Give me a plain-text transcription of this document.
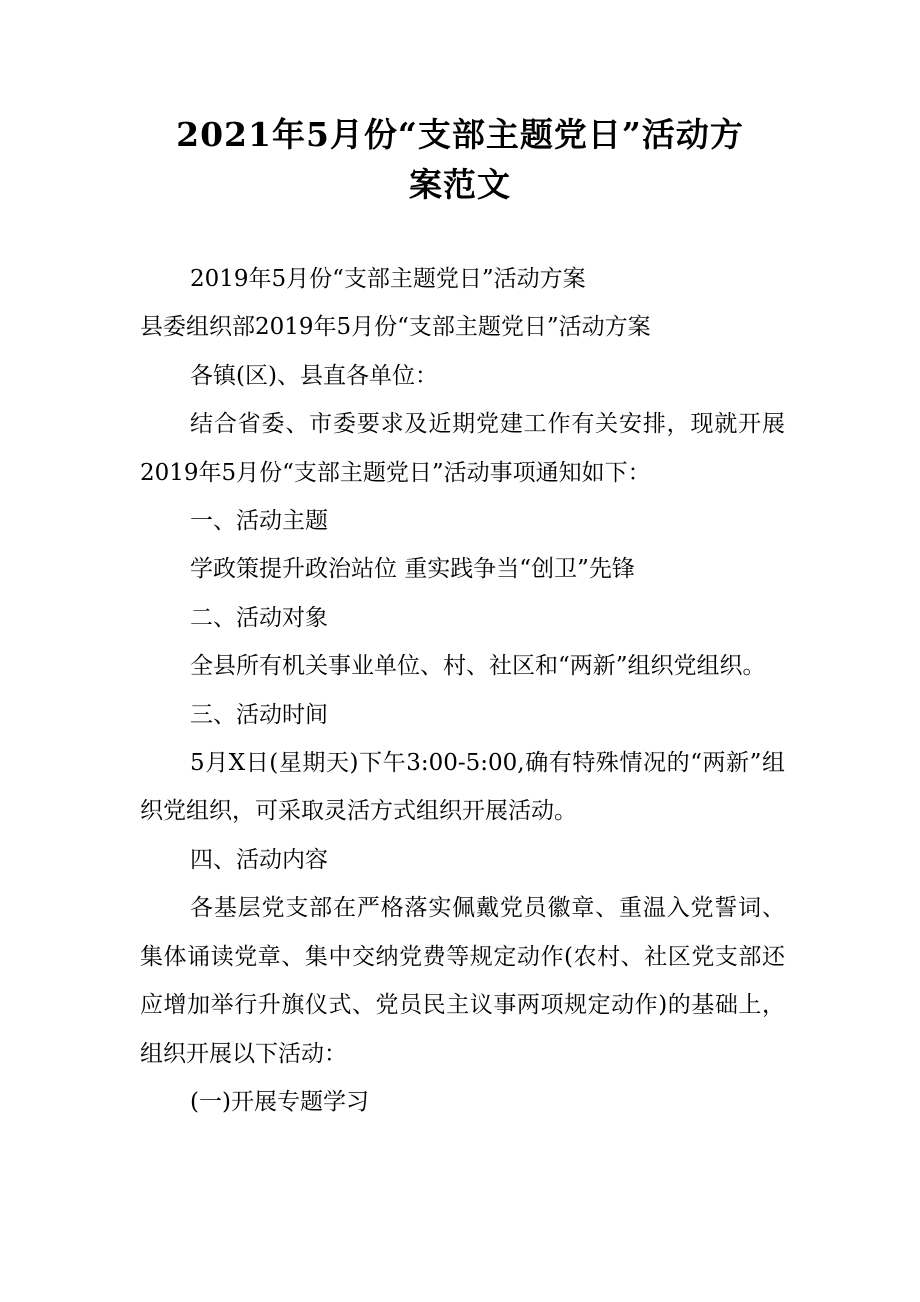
2021年5月份“支部主题党日”活动方
案范文

2019年5月份“支部主题党日”活动方案

县委组织部2019年5月份“支部主题党日”活动方案

各镇(区)、县直各单位：

结合省委、市委要求及近期党建工作有关安排，现就开展2019年5月份“支部主题党日”活动事项通知如下：

一、活动主题

学政策提升政治站位 重实践争当“创卫”先锋

二、活动对象

全县所有机关事业单位、村、社区和“两新”组织党组织。

三、活动时间

5月X日(星期天)下午3:00-5:00,确有特殊情况的“两新”组织党组织，可采取灵活方式组织开展活动。

四、活动内容

各基层党支部在严格落实佩戴党员徽章、重温入党誓词、集体诵读党章、集中交纳党费等规定动作(农村、社区党支部还应增加举行升旗仪式、党员民主议事两项规定动作)的基础上，组织开展以下活动：

(一)开展专题学习
